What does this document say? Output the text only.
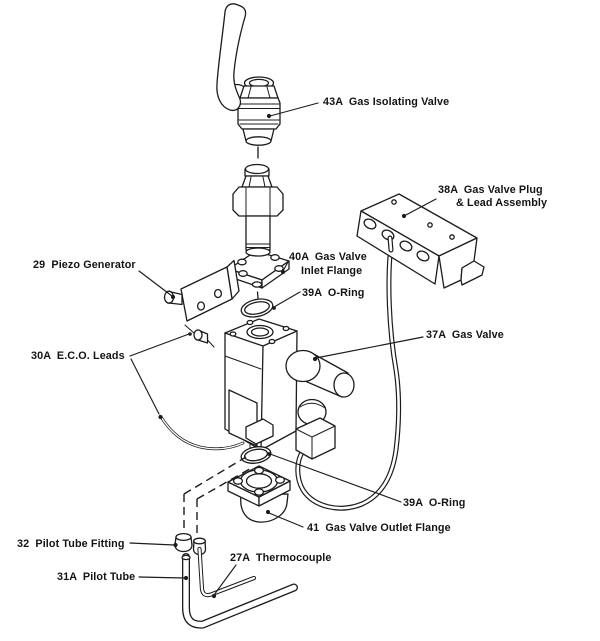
43A  Gas Isolating Valve
38A  Gas Valve Plug
& Lead Assembly
29  Piezo Generator
40A  Gas Valve
Inlet Flange
39A  O-Ring
37A  Gas Valve
30A  E.C.O. Leads
39A  O-Ring
41  Gas Valve Outlet Flange
32  Pilot Tube Fitting
27A  Thermocouple
31A  Pilot Tube
